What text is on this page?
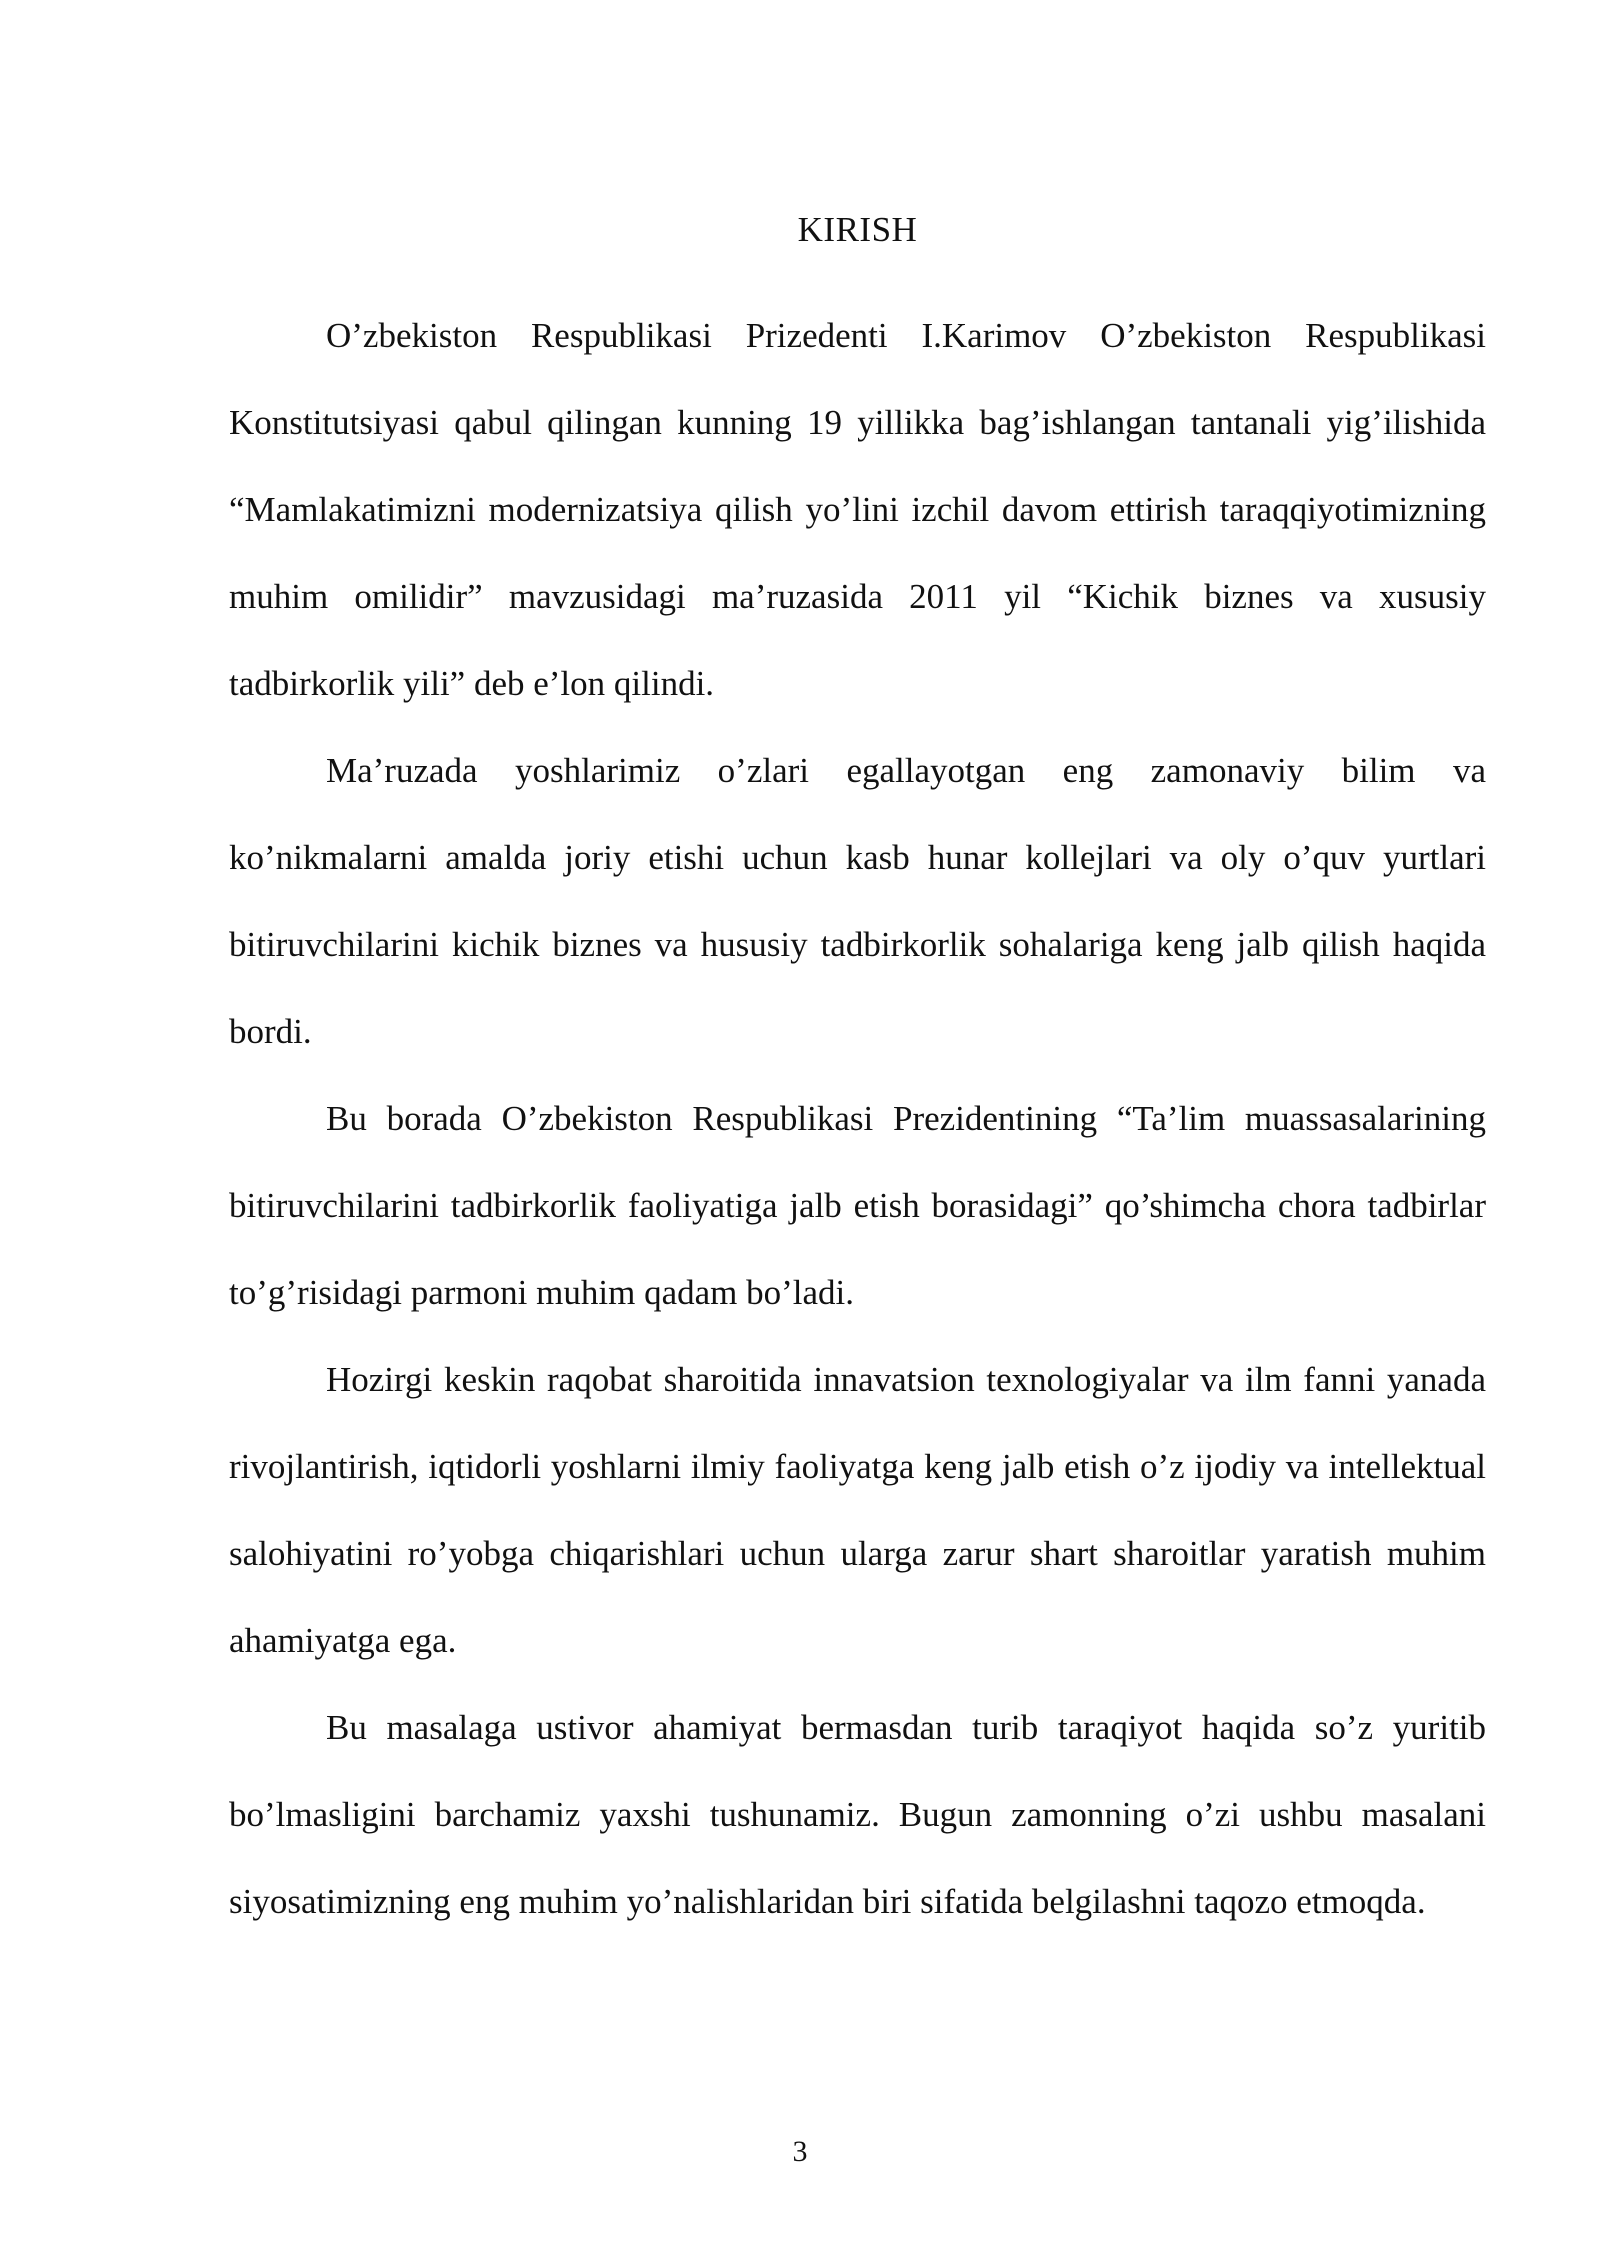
KIRISH

O’zbekiston Respublikasi Prizedenti I.Karimov O’zbekiston Respublikasi Konstitutsiyasi qabul qilingan kunning 19 yillikka bag’ishlangan tantanali yig’ilishida “Mamlakatimizni modernizatsiya qilish yo’lini izchil davom ettirish taraqqiyotimizning muhim omilidir” mavzusidagi ma’ruzasida 2011 yil “Kichik biznes va xususiy tadbirkorlik yili” deb e’lon qilindi.

Ma’ruzada yoshlarimiz o’zlari egallayotgan eng zamonaviy bilim va ko’nikmalarni amalda joriy etishi uchun kasb hunar kollejlari va oly o’quv yurtlari bitiruvchilarini kichik biznes va hususiy tadbirkorlik sohalariga keng jalb qilish haqida bordi.

Bu borada O’zbekiston Respublikasi Prezidentining “Ta’lim muassasalarining bitiruvchilarini tadbirkorlik faoliyatiga jalb etish borasidagi” qo’shimcha chora tadbirlar to’g’risidagi parmoni muhim qadam bo’ladi.

Hozirgi keskin raqobat sharoitida innavatsion texnologiyalar va ilm fanni yanada rivojlantirish, iqtidorli yoshlarni ilmiy faoliyatga keng jalb etish o’z ijodiy va intellektual  salohiyatini ro’yobga chiqarishlari uchun ularga zarur shart sharoitlar yaratish muhim ahamiyatga ega.

Bu masalaga ustivor ahamiyat bermasdan turib taraqiyot haqida so’z yuritib bo’lmasligini barchamiz yaxshi tushunamiz. Bugun zamonning o’zi ushbu masalani siyosatimizning eng muhim yo’nalishlaridan biri sifatida belgilashni taqozo etmoqda.

3
